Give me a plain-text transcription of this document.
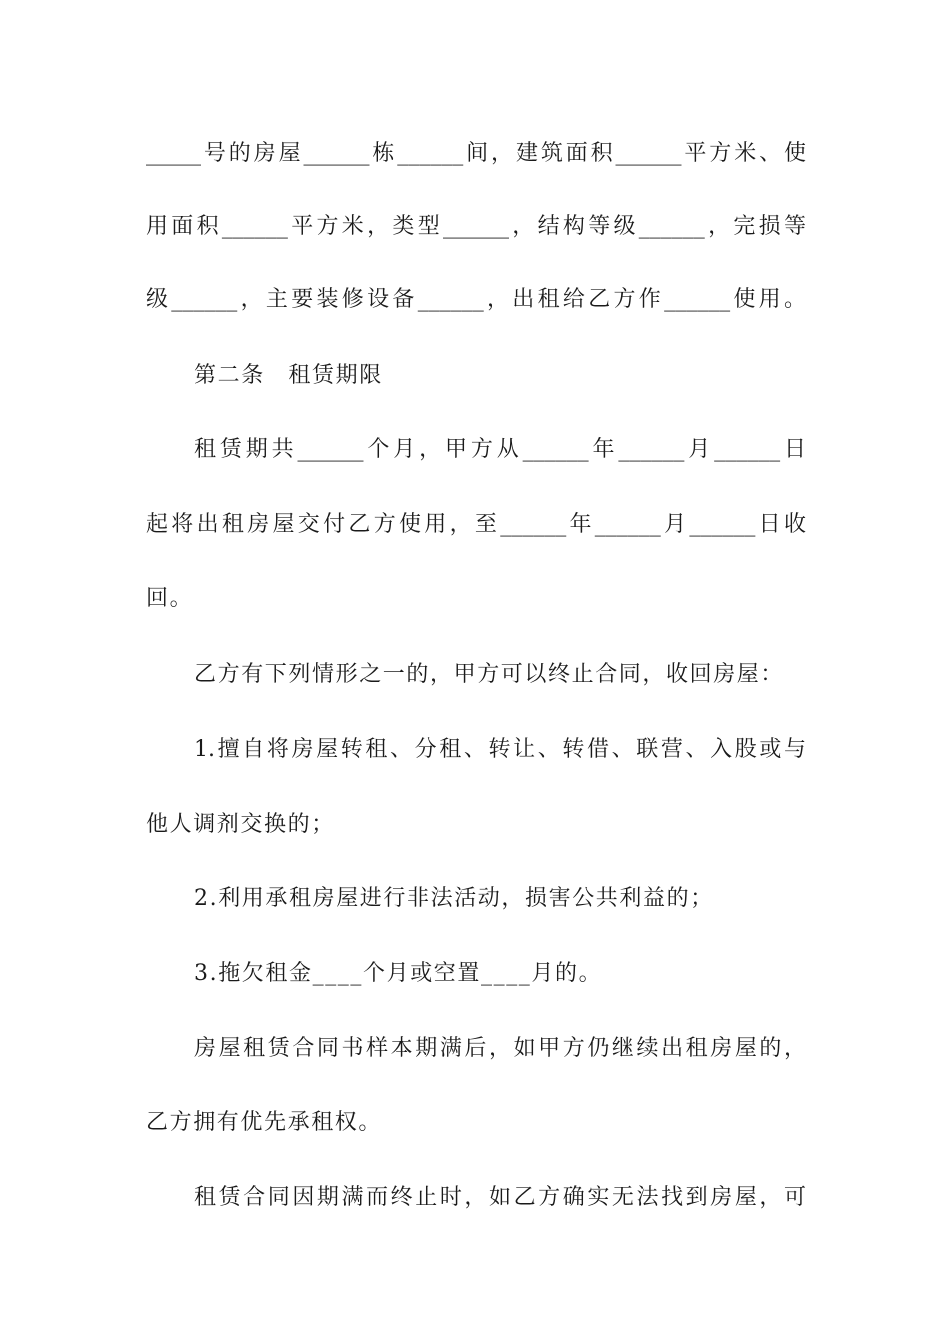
_____号的房屋______栋______间，建筑面积______平方米、使

用面积______平方米，类型______，结构等级______，完损等

级______，主要装修设备______，出租给乙方作______使用。

第二条　租赁期限

租赁期共______个月，甲方从______年______月______日

起将出租房屋交付乙方使用，至______年______月______日收

回。

乙方有下列情形之一的，甲方可以终止合同，收回房屋：

1.擅自将房屋转租、分租、转让、转借、联营、入股或与

他人调剂交换的；

2.利用承租房屋进行非法活动，损害公共利益的；

3.拖欠租金____个月或空置____月的。

房屋租赁合同书样本期满后，如甲方仍继续出租房屋的，

乙方拥有优先承租权。

租赁合同因期满而终止时，如乙方确实无法找到房屋，可
